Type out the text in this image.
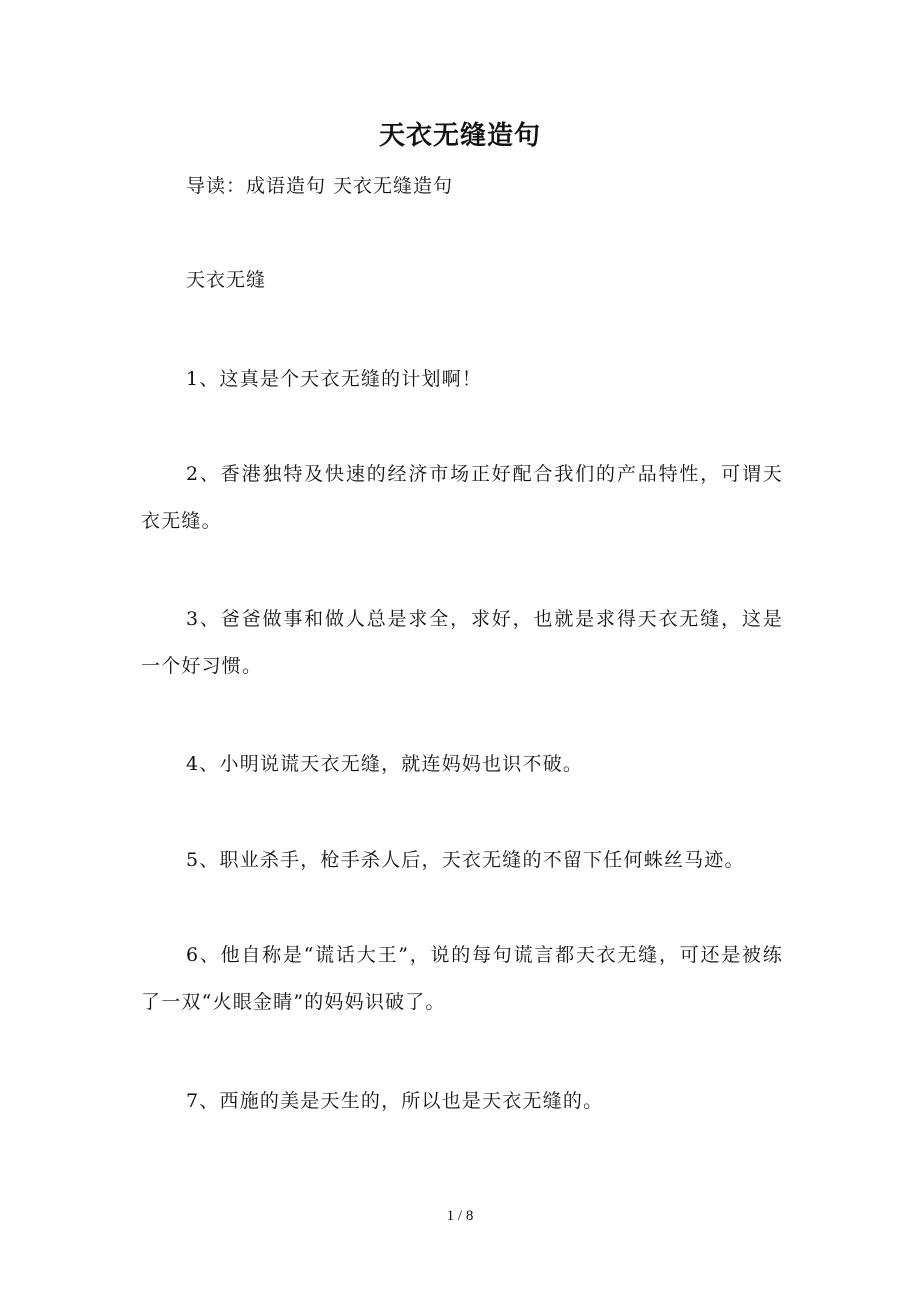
天衣无缝造句
导读：成语造句 天衣无缝造句
天衣无缝

1、这真是个天衣无缝的计划啊！

2、香港独特及快速的经济市场正好配合我们的产品特性，可谓天衣无缝。

3、爸爸做事和做人总是求全，求好，也就是求得天衣无缝，这是一个好习惯。

4、小明说谎天衣无缝，就连妈妈也识不破。

5、职业杀手，枪手杀人后，天衣无缝的不留下任何蛛丝马迹。

6、他自称是“谎话大王”，说的每句谎言都天衣无缝，可还是被练了一双“火眼金睛”的妈妈识破了。

7、西施的美是天生的，所以也是天衣无缝的。

1 / 8
